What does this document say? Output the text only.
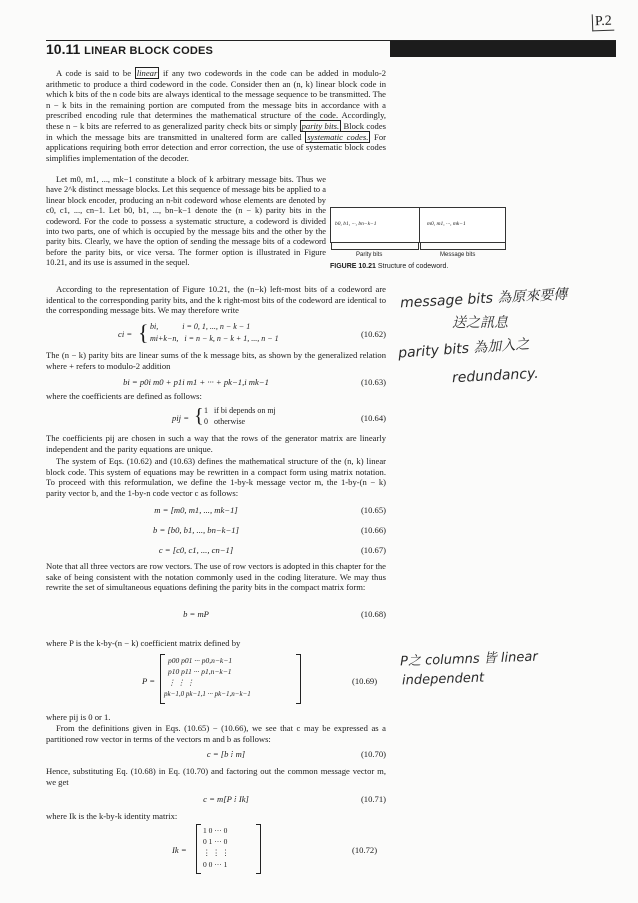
P.2
10.11 LINEAR BLOCK CODES

A code is said to be linear if any two codewords in the code can be added in modulo-2 arithmetic to produce a third codeword in the code. Consider then an (n, k) linear block code in which k bits of the n code bits are always identical to the message sequence to be transmitted. The n − k bits in the remaining portion are computed from the message bits in accordance with a prescribed encoding rule that determines the mathematical structure of the code. Accordingly, these n − k bits are referred to as generalized parity check bits or simply parity bits. Block codes in which the message bits are transmitted in unaltered form are called systematic codes. For applications requiring both error detection and error correction, the use of systematic block codes simplifies implementation of the decoder.

Let m0, m1, ..., mk−1 constitute a block of k arbitrary message bits. Thus we have 2^k distinct message blocks. Let this sequence of message bits be applied to a linear block encoder, producing an n-bit codeword whose elements are denoted by c0, c1, ..., cn−1. Let b0, b1, ..., bn−k−1 denote the (n − k) parity bits in the codeword. For the code to possess a systematic structure, a codeword is divided into two parts, one of which is occupied by the message bits and the other by the parity bits. Clearly, we have the option of sending the message bits of a codeword before the parity bits, or vice versa. The former option is illustrated in Figure 10.21, and its use is assumed in the sequel.

b0, b1, ···, bn−k−1	m0, m1, ···, mk−1
Parity bits	Message bits
FIGURE 10.21 Structure of codeword.

According to the representation of Figure 10.21, the (n−k) left-most bits of a codeword are identical to the corresponding parity bits, and the k right-most bits of the codeword are identical to the corresponding message bits. We may therefore write

ci = { bi,            i = 0, 1, ..., n − k − 1
mi+k−n,   i = n − k, n − k + 1, ..., n − 1	(10.62)

The (n − k) parity bits are linear sums of the k message bits, as shown by the generalized relation where + refers to modulo-2 addition

bi = p0i m0 + p1i m1 + ··· + pk−1,i mk−1	(10.63)

where the coefficients are defined as follows:

pij = { 1   if bi depends on mj
0   otherwise	(10.64)

The coefficients pij are chosen in such a way that the rows of the generator matrix are linearly independent and the parity equations are unique.

The system of Eqs. (10.62) and (10.63) defines the mathematical structure of the (n, k) linear block code. This system of equations may be rewritten in a compact form using matrix notation. To proceed with this reformulation, we define the 1-by-k message vector m, the 1-by-(n − k) parity vector b, and the 1-by-n code vector c as follows:

m = [m0, m1, ..., mk−1]	(10.65)
b = [b0, b1, ..., bn−k−1]	(10.66)
c = [c0, c1, ..., cn−1]	(10.67)

Note that all three vectors are row vectors. The use of row vectors is adopted in this chapter for the sake of being consistent with the notation commonly used in the coding literature. We may thus rewrite the set of simultaneous equations defining the parity bits in the compact matrix form:

b = mP	(10.68)

where P is the k-by-(n − k) coefficient matrix defined by

P =
p00 p01 ··· p0,n−k−1
p10 p11 ··· p1,n−k−1
⋮ ⋮ ⋮
pk−1,0 pk−1,1 ··· pk−1,n−k−1
(10.69)

where pij is 0 or 1.

From the definitions given in Eqs. (10.65) − (10.66), we see that c may be expressed as a partitioned row vector in terms of the vectors m and b as follows:

c = [b ⁞ m]	(10.70)

Hence, substituting Eq. (10.68) in Eq. (10.70) and factoring out the common message vector m, we get

c = m[P ⁞ Ik]	(10.71)

where Ik is the k-by-k identity matrix:

Ik =
1 0 ··· 0
0 1 ··· 0
⋮ ⋮ ⋮
0 0 ··· 1
(10.72)
message bits 為原來要傳
送之訊息
parity bits 為加入之
redundancy.
P之 columns 皆 linear
independent
